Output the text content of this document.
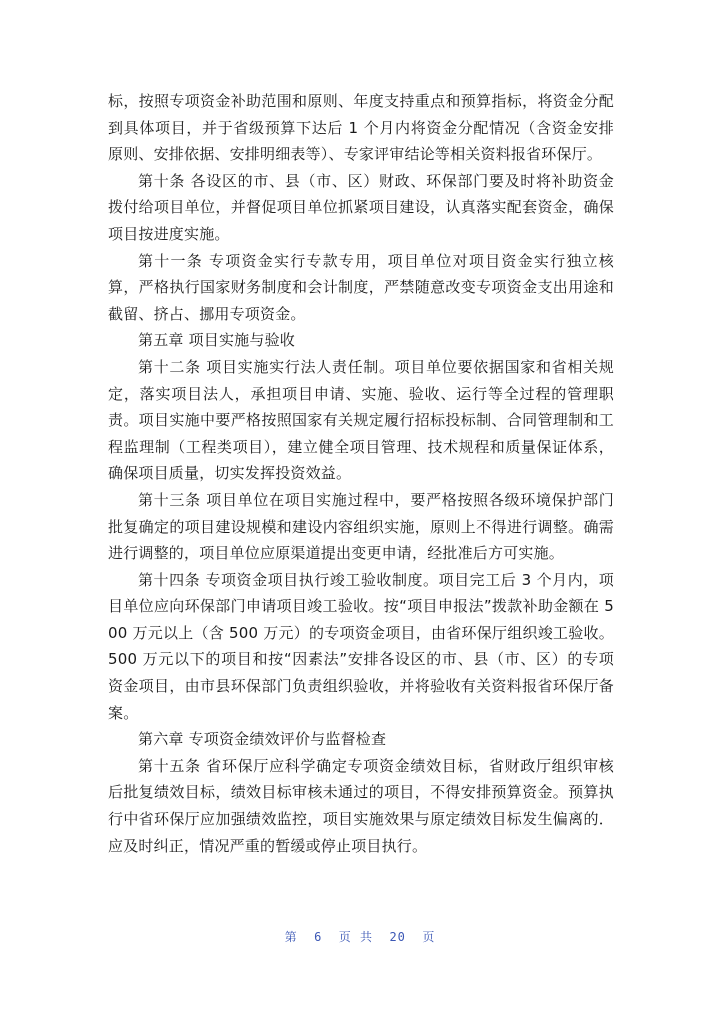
标，按照专项资金补助范围和原则、年度支持重点和预算指标，将资金分配到具体项目，并于省级预算下达后 1 个月内将资金分配情况（含资金安排原则、安排依据、安排明细表等）、专家评审结论等相关资料报省环保厅。

第十条 各设区的市、县（市、区）财政、环保部门要及时将补助资金拨付给项目单位，并督促项目单位抓紧项目建设，认真落实配套资金，确保项目按进度实施。

第十一条 专项资金实行专款专用，项目单位对项目资金实行独立核算，严格执行国家财务制度和会计制度，严禁随意改变专项资金支出用途和截留、挤占、挪用专项资金。

第五章 项目实施与验收

第十二条 项目实施实行法人责任制。项目单位要依据国家和省相关规定，落实项目法人，承担项目申请、实施、验收、运行等全过程的管理职责。项目实施中要严格按照国家有关规定履行招标投标制、合同管理制和工程监理制（工程类项目），建立健全项目管理、技术规程和质量保证体系，确保项目质量，切实发挥投资效益。

第十三条 项目单位在项目实施过程中，要严格按照各级环境保护部门批复确定的项目建设规模和建设内容组织实施，原则上不得进行调整。确需进行调整的，项目单位应原渠道提出变更申请，经批准后方可实施。

第十四条 专项资金项目执行竣工验收制度。项目完工后 3 个月内，项目单位应向环保部门申请项目竣工验收。按“项目申报法”拨款补助金额在 500 万元以上（含 500 万元）的专项资金项目，由省环保厅组织竣工验收。500 万元以下的项目和按“因素法”安排各设区的市、县（市、区）的专项资金项目，由市县环保部门负责组织验收，并将验收有关资料报省环保厅备案。

第六章 专项资金绩效评价与监督检查

第十五条 省环保厅应科学确定专项资金绩效目标，省财政厅组织审核后批复绩效目标，绩效目标审核未通过的项目，不得安排预算资金。预算执行中省环保厅应加强绩效监控，项目实施效果与原定绩效目标发生偏离的．应及时纠正，情况严重的暂缓或停止项目执行。

第  6  页 共  20  页
